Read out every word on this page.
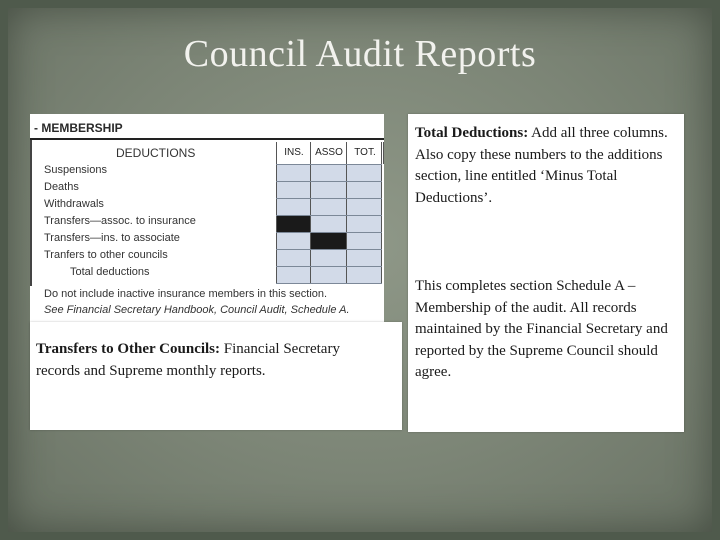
Council Audit Reports
- MEMBERSHIP
DEDUCTIONS	INS.	ASSO	TOT.
Suspensions
Deaths
Withdrawals
Transfers—assoc. to insurance
Transfers—ins. to associate
Tranfers to other councils
Total deductions
Do not include inactive insurance members in this section.
See Financial Secretary Handbook, Council Audit, Schedule A.

Transfers to Other Councils: Financial Secretary records and Supreme monthly reports.

Total Deductions: Add all three columns. Also copy these numbers to the additions section, line entitled ‘Minus Total Deductions’.

This completes section Schedule A – Membership of the audit. All records maintained by the Financial Secretary and reported by the Supreme Council should agree.
